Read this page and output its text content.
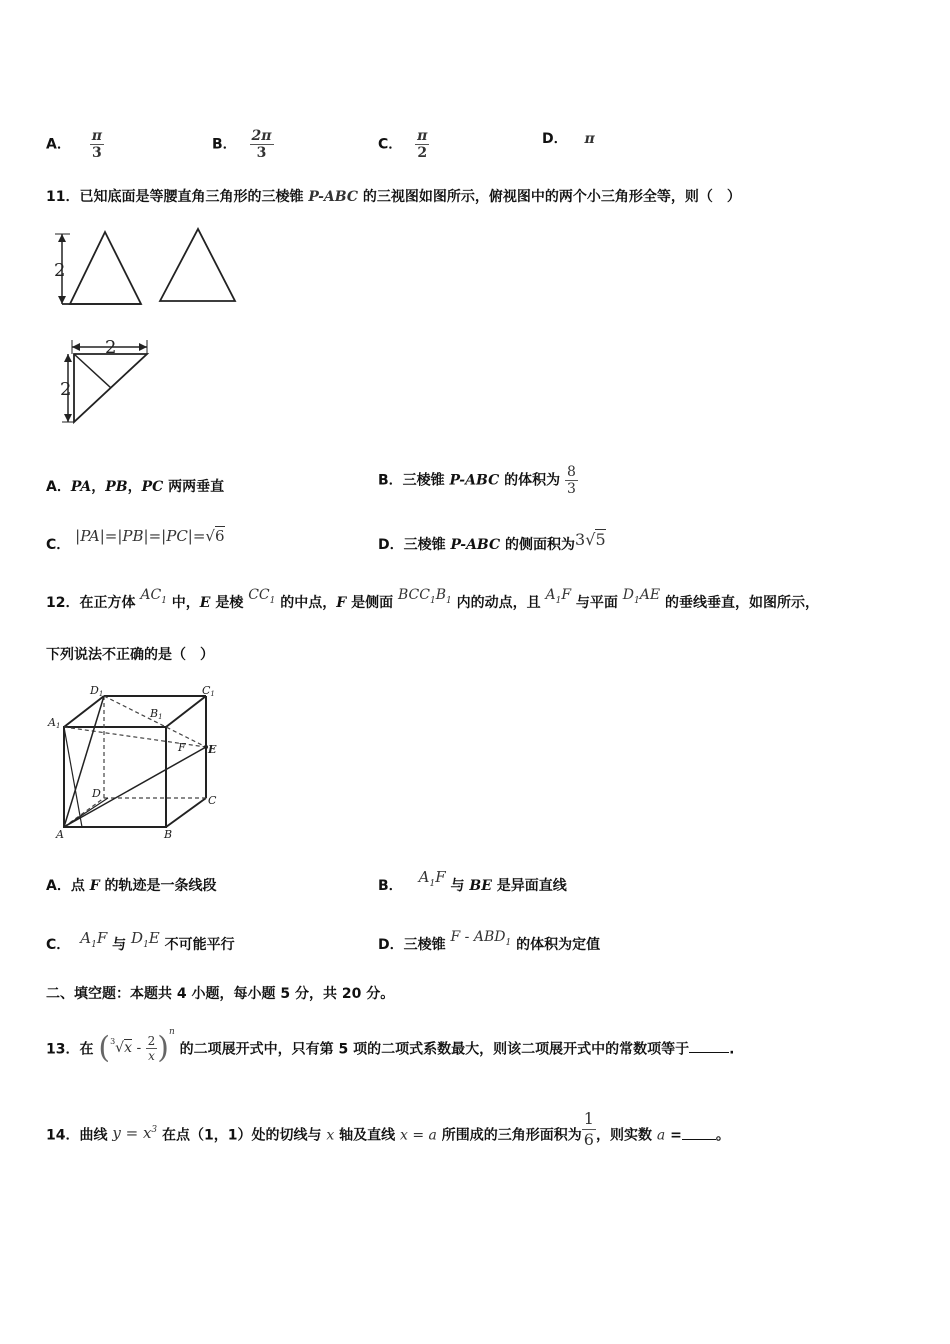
A． $\frac{\pi}{3}$	B． $\frac{2\pi}{3}$	C． $\frac{\pi}{2}$	D． π
11．已知底面是等腰直角三角形的三棱锥 P-ABC 的三视图如图所示，俯视图中的两个小三角形全等，则（　）
2
2
2
A．PA，PB，PC 两两垂直	B．三棱锥 P-ABC 的体积为 $\frac{8}{3}$
C． |PA|=|PB|=|PC|=√6	D．三棱锥 P-ABC 的侧面积为3√5
12．在正方体 $AC_1$ 中，E 是棱 $CC_1$ 的中点，F 是侧面 $BCC_1B_1$ 内的动点，且 $A_1F$ 与平面 $D_1AE$ 的垂线垂直，如图所示，
下列说法不正确的是（　）
D1	C1
A1
B1
F E
D
C
A	B
A．点 F 的轨迹是一条线段	B． $A_1F$ 与 BE 是异面直线
C． $A_1F$ 与 $D_1E$ 不可能平行	D．三棱锥 F - $ABD_1$ 的体积为定值
二、填空题：本题共 4 小题，每小题 5 分，共 20 分。
13．在 $(^3√x - \frac{2}{x} )^n$ 的二项展开式中，只有第 5 项的二项式系数最大，则该二项展开式中的常数项等于	.
14．曲线 $y = x^3$ 在点（1，1）处的切线与 x 轴及直线 x = a 所围成的三角形面积为 $\frac{1}{6}$ ，则实数 a = 。
